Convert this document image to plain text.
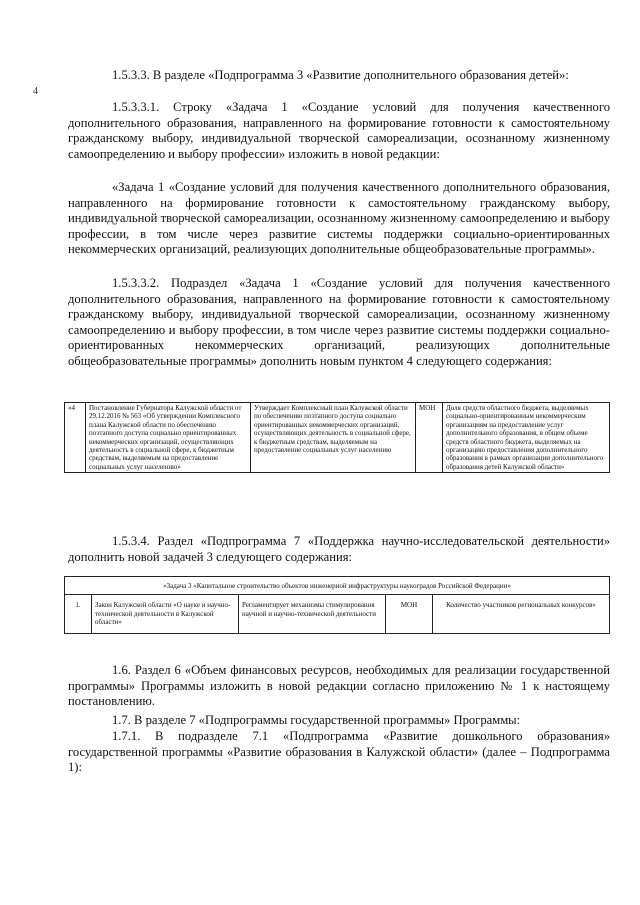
1.5.3.3. В разделе «Подпрограмма 3 «Развитие дополнительного образования детей»:

4

1.5.3.3.1. Строку «Задача 1 «Создание условий для получения качественного дополнительного образования, направленного на формирование готовности к самостоятельному гражданскому выбору, индивидуальной творческой самореализации, осознанному жизненному самоопределению и выбору профессии» изложить в новой редакции:

«Задача 1 «Создание условий для получения качественного дополнительного образования, направленного на формирование готовности к самостоятельному гражданскому выбору, индивидуальной творческой самореализации, осознанному жизненному самоопределению и выбору профессии, в том числе через развитие системы поддержки социально-ориентированных некоммерческих организаций, реализующих дополнительные общеобразовательные программы».

1.5.3.3.2. Подраздел «Задача 1 «Создание условий для получения качественного дополнительного образования, направленного на формирование готовности к самостоятельному гражданскому выбору, индивидуальной творческой самореализации, осознанному жизненному самоопределению и выбору профессии, в том числе через развитие системы поддержки социально-ориентированных некоммерческих организаций, реализующих дополнительные общеобразовательные программы» дополнить новым пунктом 4 следующего содержания:

«4	Постановление Губернатора Калужской области от 29.12.2016 № 563 «Об утверждении Комплексного плана Калужской области по обеспечению поэтапного доступа социально ориентированных некоммерческих организаций, осуществляющих деятельность в социальной сфере, к бюджетным средствам, выделяемым на предоставление социальных услуг населению»	Утверждает Комплексный план Калужской области по обеспечению поэтапного доступа социально ориентированных некоммерческих организаций, осуществляющих деятельность в социальной сфере, к бюджетным средствам, выделяемым на предоставление социальных услуг населению	МОН	Доля средств областного бюджета, выделяемых социально-ориентированным некоммерческим организациям на предоставление услуг дополнительного образования, в общем объеме средств областного бюджета, выделяемых на организацию предоставления дополнительного образования в рамках организации дополнительного образования детей Калужской области»

1.5.3.4. Раздел «Подпрограмма 7 «Поддержка научно-исследовательской деятельности» дополнить новой задачей 3 следующего содержания:

«Задача 3 «Капитальное строительство объектов инженерной инфраструктуры наукоградов Российской Федерации»
1.	Закон Калужской области «О науке и научно-технической деятельности в Калужской области»	Регламентирует механизмы стимулирования научной и научно-технической деятельности	МОН	Количество участников региональных конкурсов»

1.6. Раздел 6 «Объем финансовых ресурсов, необходимых для реализации государственной программы» Программы изложить в новой редакции согласно приложению № 1 к настоящему постановлению.

1.7. В разделе 7 «Подпрограммы государственной программы» Программы:

1.7.1. В подразделе 7.1 «Подпрограмма «Развитие дошкольного образования» государственной программы «Развитие образования в Калужской области» (далее – Подпрограмма 1):
